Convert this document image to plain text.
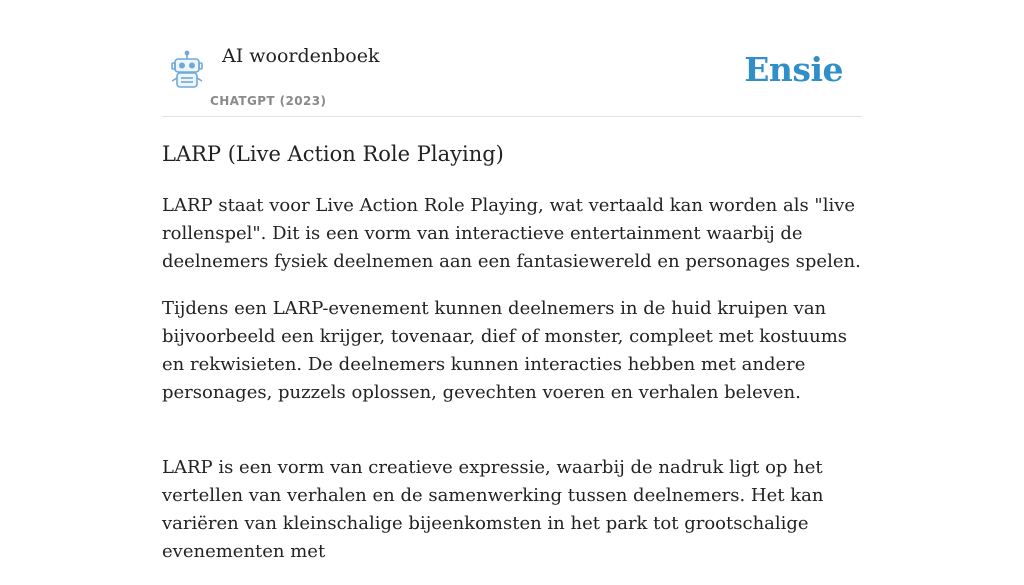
AI woordenboek
CHATGPT (2023)
Ensie
LARP (Live Action Role Playing)

LARP staat voor Live Action Role Playing, wat vertaald kan worden als "live rollenspel". Dit is een vorm van interactieve entertainment waarbij de deelnemers fysiek deelnemen aan een fantasiewereld en personages spelen.

Tijdens een LARP-evenement kunnen deelnemers in de huid kruipen van bijvoorbeeld een krijger, tovenaar, dief of monster, compleet met kostuums en rekwisieten. De deelnemers kunnen interacties hebben met andere personages, puzzels oplossen, gevechten voeren en verhalen beleven.

LARP is een vorm van creatieve expressie, waarbij de nadruk ligt op het vertellen van verhalen en de samenwerking tussen deelnemers. Het kan variëren van kleinschalige bijeenkomsten in het park tot grootschalige evenementen met
